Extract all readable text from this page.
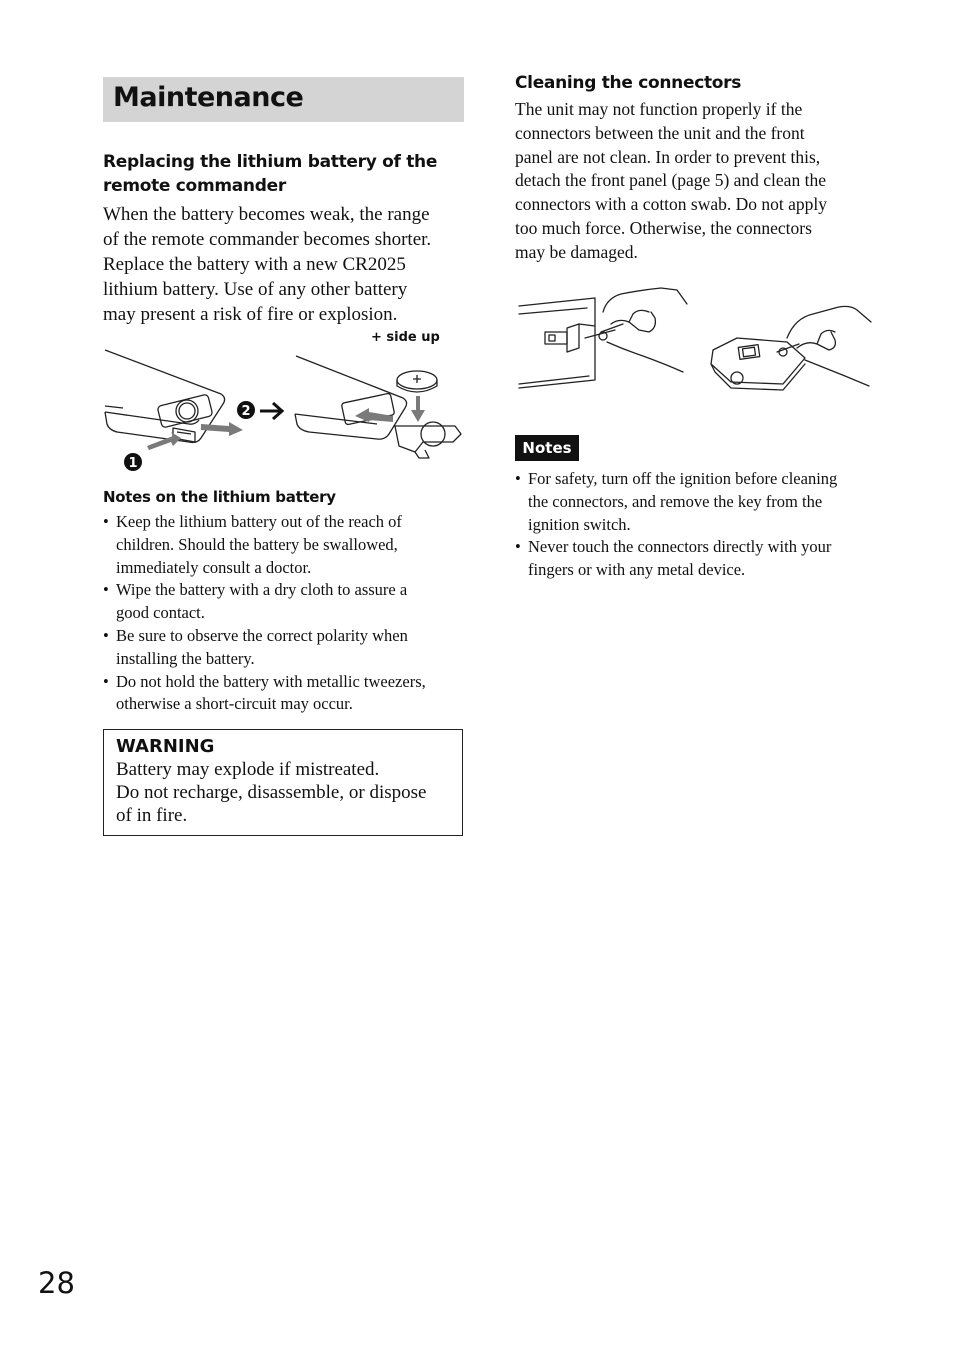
Maintenance
Replacing the lithium battery of the
remote commander
When the battery becomes weak, the range
of the remote commander becomes shorter.
Replace the battery with a new CR2025
lithium battery. Use of any other battery
may present a risk of fire or explosion.
1
2
+ side up
Notes on the lithium battery
• Keep the lithium battery out of the reach of
children. Should the battery be swallowed,
immediately consult a doctor.
• Wipe the battery with a dry cloth to assure a
good contact.
• Be sure to observe the correct polarity when
installing the battery.
• Do not hold the battery with metallic tweezers,
otherwise a short-circuit may occur.
WARNING
Battery may explode if mistreated.
Do not recharge, disassemble, or dispose
of in fire.
Cleaning the connectors
The unit may not function properly if the
connectors between the unit and the front
panel are not clean. In order to prevent this,
detach the front panel (page 5) and clean the
connectors with a cotton swab. Do not apply
too much force. Otherwise, the connectors
may be damaged.
Notes
• For safety, turn off the ignition before cleaning
the connectors, and remove the key from the
ignition switch.
• Never touch the connectors directly with your
fingers or with any metal device.
28
